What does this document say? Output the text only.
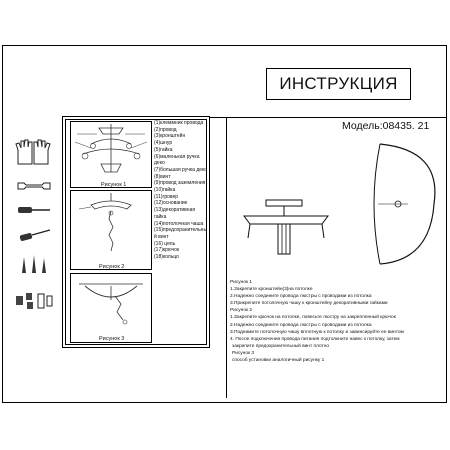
ИНСТРУКЦИЯ
Модель:08435. 21
Рисунок 1
Рисунок 2
Рисунок 3
(1)клеммник провода
(2)провод
(3)кронштейн
(4)шнур
(5)гайка
(6)маленькая ручка
деко
(7)большая ручка деко
(8)винт
(9)провод заземления
(10)гайка
(11)гровер
(12)основание
(13)декоративная
гайка
(14)потолочная чаша
(15)предохранительны
й винт
(16) цепь
(17)крючок
(18)кольцо
Рисунок 1
1.Закрепите кронштейн(3)на потолке
2.Надежно соедините провода люстры с проводами из потолка
3.Прикрепите потолочную чашу к кронштейну декоративными гайками
Рисунок 2
1.Закрепите крючок на потолке, повесьте люстру на закрепленный крючок
2.Надежно соедините провода люстры с проводами из потолка
3.Поднимите потолочную чашу вплотную к потолку и завинсируйте ее винтом
4. После подключения провода питания подтолкните навес к потолку, затем
закрепите предохранительный винт плотно
Рисунок 3
способ установки аналогичный рисунку 1
